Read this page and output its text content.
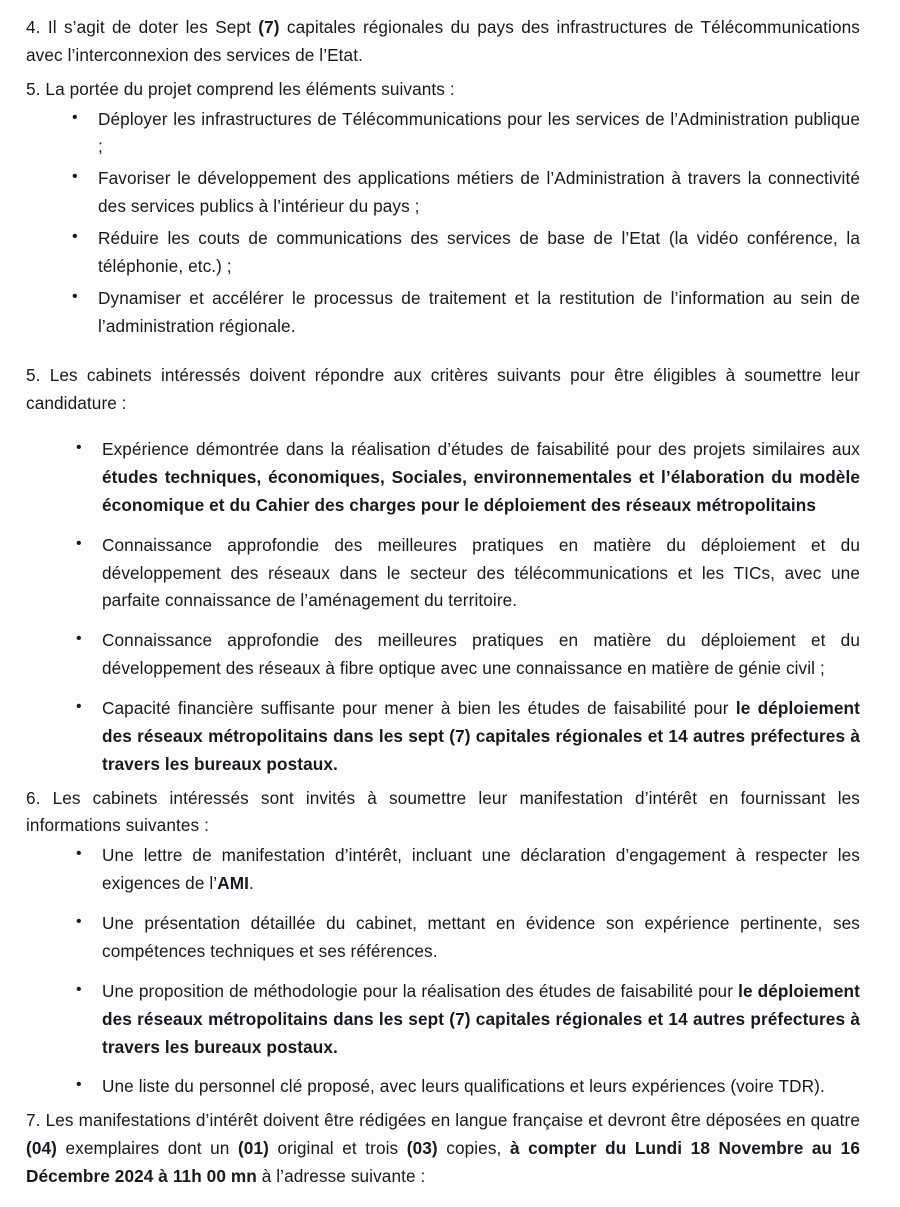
4. Il s’agit de doter les Sept (7) capitales régionales du pays des infrastructures de Télécommunications avec l’interconnexion des services de l’Etat.

5. La portée du projet comprend les éléments suivants :

• Déployer les infrastructures de Télécommunications pour les services de l’Administration publique ;
• Favoriser le développement des applications métiers de l’Administration à travers la connectivité des services publics à l’intérieur du pays ;
• Réduire les couts de communications des services de base de l’Etat (la vidéo conférence, la téléphonie, etc.) ;
• Dynamiser et accélérer le processus de traitement et la restitution de l’information au sein de l’administration régionale.

5. Les cabinets intéressés doivent répondre aux critères suivants pour être éligibles à soumettre leur candidature :

• Expérience démontrée dans la réalisation d’études de faisabilité pour des projets similaires aux études techniques, économiques, Sociales, environnementales et l’élaboration du modèle économique et du Cahier des charges pour le déploiement des réseaux métropolitains
• Connaissance approfondie des meilleures pratiques en matière du déploiement et du développement des réseaux dans le secteur des télécommunications et les TICs, avec une parfaite connaissance de l’aménagement du territoire.
• Connaissance approfondie des meilleures pratiques en matière du déploiement et du développement des réseaux à fibre optique avec une connaissance en matière de génie civil ;
• Capacité financière suffisante pour mener à bien les études de faisabilité pour le déploiement des réseaux métropolitains dans les sept (7) capitales régionales et 14 autres préfectures à travers les bureaux postaux.

6. Les cabinets intéressés sont invités à soumettre leur manifestation d’intérêt en fournissant les informations suivantes :

• Une lettre de manifestation d’intérêt, incluant une déclaration d’engagement à respecter les exigences de l’AMI.
• Une présentation détaillée du cabinet, mettant en évidence son expérience pertinente, ses compétences techniques et ses références.
• Une proposition de méthodologie pour la réalisation des études de faisabilité pour le déploiement des réseaux métropolitains dans les sept (7) capitales régionales et 14 autres préfectures à travers les bureaux postaux.
• Une liste du personnel clé proposé, avec leurs qualifications et leurs expériences (voire TDR).

7. Les manifestations d’intérêt doivent être rédigées en langue française et devront être déposées en quatre (04) exemplaires dont un (01) original et trois (03) copies, à compter du Lundi 18 Novembre au 16 Décembre 2024 à 11h 00 mn à l’adresse suivante :
